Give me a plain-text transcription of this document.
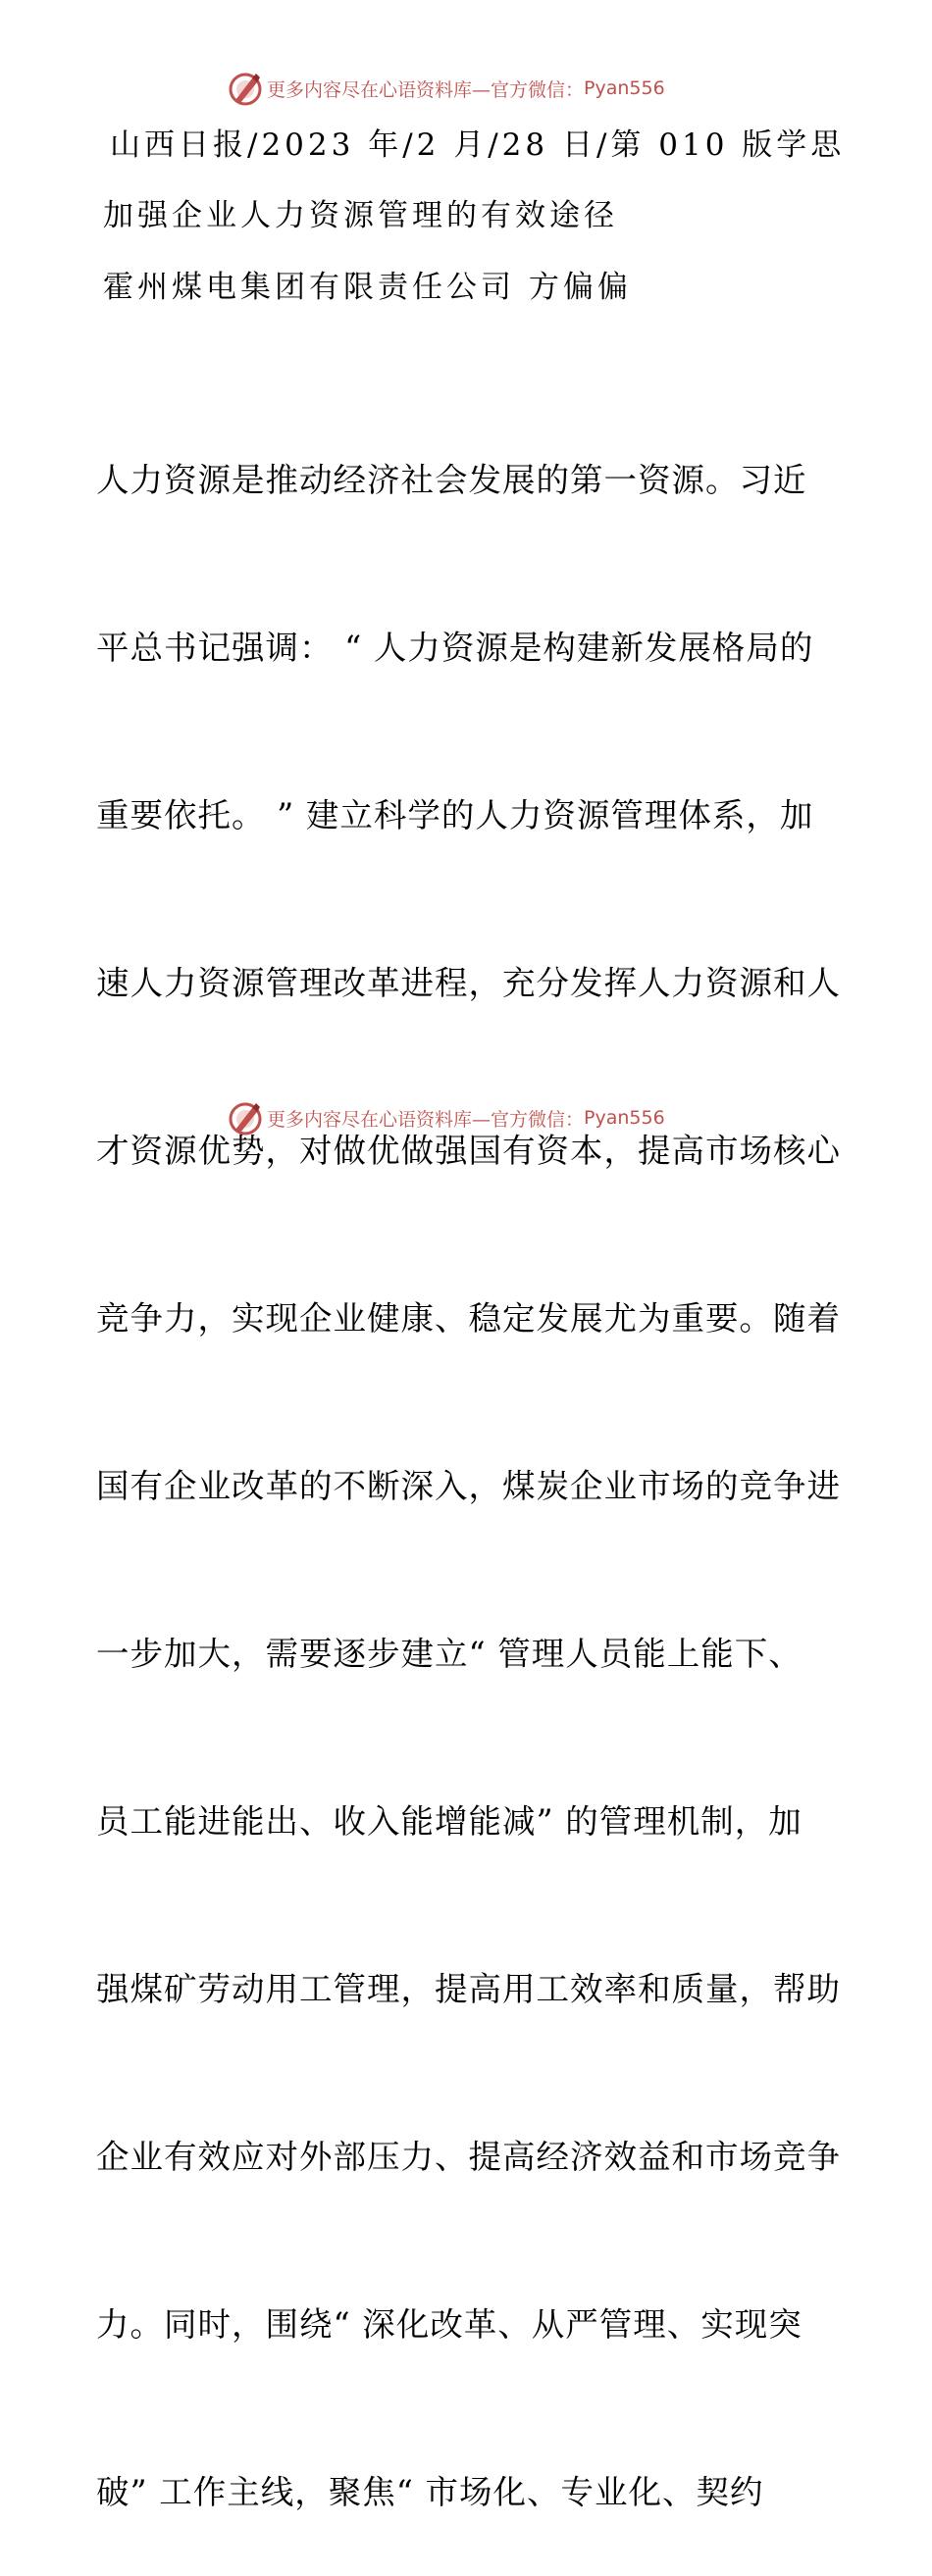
更多内容尽在心语资料库 —官方微信： Pyan556
山西日报/2023 年/2 月/28 日/第 010 版学思
加强企业人力资源管理的有效途径
霍州煤电集团有限责任公司 方偏偏

人力资源是推动经济社会发展的第一资源。习近

平总书记强调： “ 人力资源是构建新发展格局的

重要依托。 ” 建立科学的人力资源管理体系，加

速人力资源管理改革进程，充分发挥人力资源和人

才资源优势，对做优做强国有资本，提高市场核心

竞争力，实现企业健康、稳定发展尤为重要。随着

国有企业改革的不断深入，煤炭企业市场的竞争进

一步加大，需要逐步建立“ 管理人员能上能下、

员工能进能出、收入能增能减” 的管理机制，加

强煤矿劳动用工管理，提高用工效率和质量，帮助

企业有效应对外部压力、提高经济效益和市场竞争

力。同时，围绕“ 深化改革、从严管理、实现突

破” 工作主线，聚焦“ 市场化、专业化、契约

更多内容尽在心语资料库 —官方微信： Pyan556
